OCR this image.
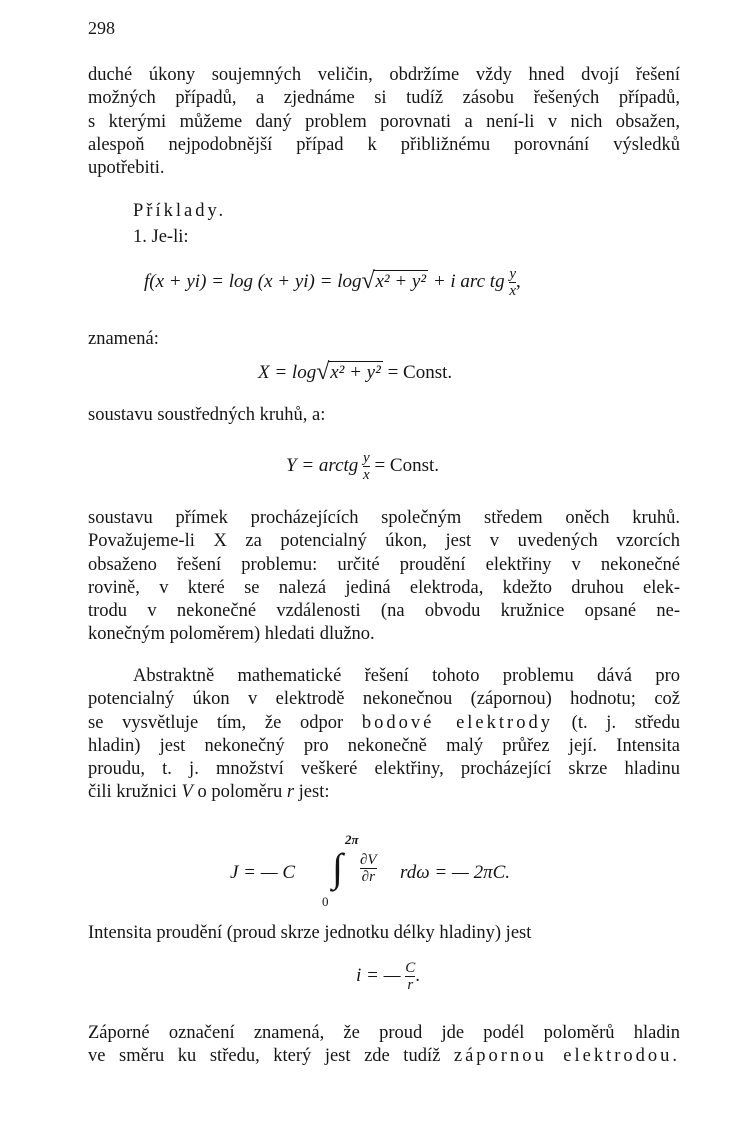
298
duché úkony soujemných veličin, obdržíme vždy hned dvojí řešení
možných případů, a zjednáme si tudíž zásobu řešených případů,
s kterými můžeme daný problem porovnati a není-li v nich obsažen,
alespoň nejpodobnější případ k přibližnému porovnání výsledků
upotřebiti.
Příklady.
1. Je-li:
f(x + yi) = log (x + yi) = log √ x² + y² + i arc tg $\frac{y}{x}$ ,
znamená:
X = log √ x² + y² = Const.
soustavu soustředných kruhů, a:
Y = arctg $\frac{y}{x}$ = Const.
soustavu přímek procházejících společným středem oněch kruhů.
Považujeme-li X za potencialný úkon, jest v uvedených vzorcích
obsaženo řešení problemu: určité proudění elektřiny v nekonečné
rovině, v které se nalezá jediná elektroda, kdežto druhou elek-
trodu v nekonečné vzdálenosti (na obvodu kružnice opsané ne-
konečným poloměrem) hledati dlužno.
Abstraktně mathematické řešení tohoto problemu dává pro
potencialný úkon v elektrodě nekonečnou (zápornou) hodnotu; což
se vysvětluje tím, že odpor bodové elektrody (t. j. středu
hladin) jest nekonečný pro nekonečně malý průřez její. Intensita
proudu, t. j. množství veškeré elektřiny, procházející skrze hladinu
čili kružnici V o poloměru r jest:
2π
J = — C ∫ $\frac{\partial V}{\partial r}$ rdω = — 2πC.
0
Intensita proudění (proud skrze jednotku délky hladiny) jest
i = — $\frac{C}{r}$ .
Záporné označení znamená, že proud jde podél poloměrů hladin
ve směru ku středu, který jest zde tudíž zápornou elektrodou.
